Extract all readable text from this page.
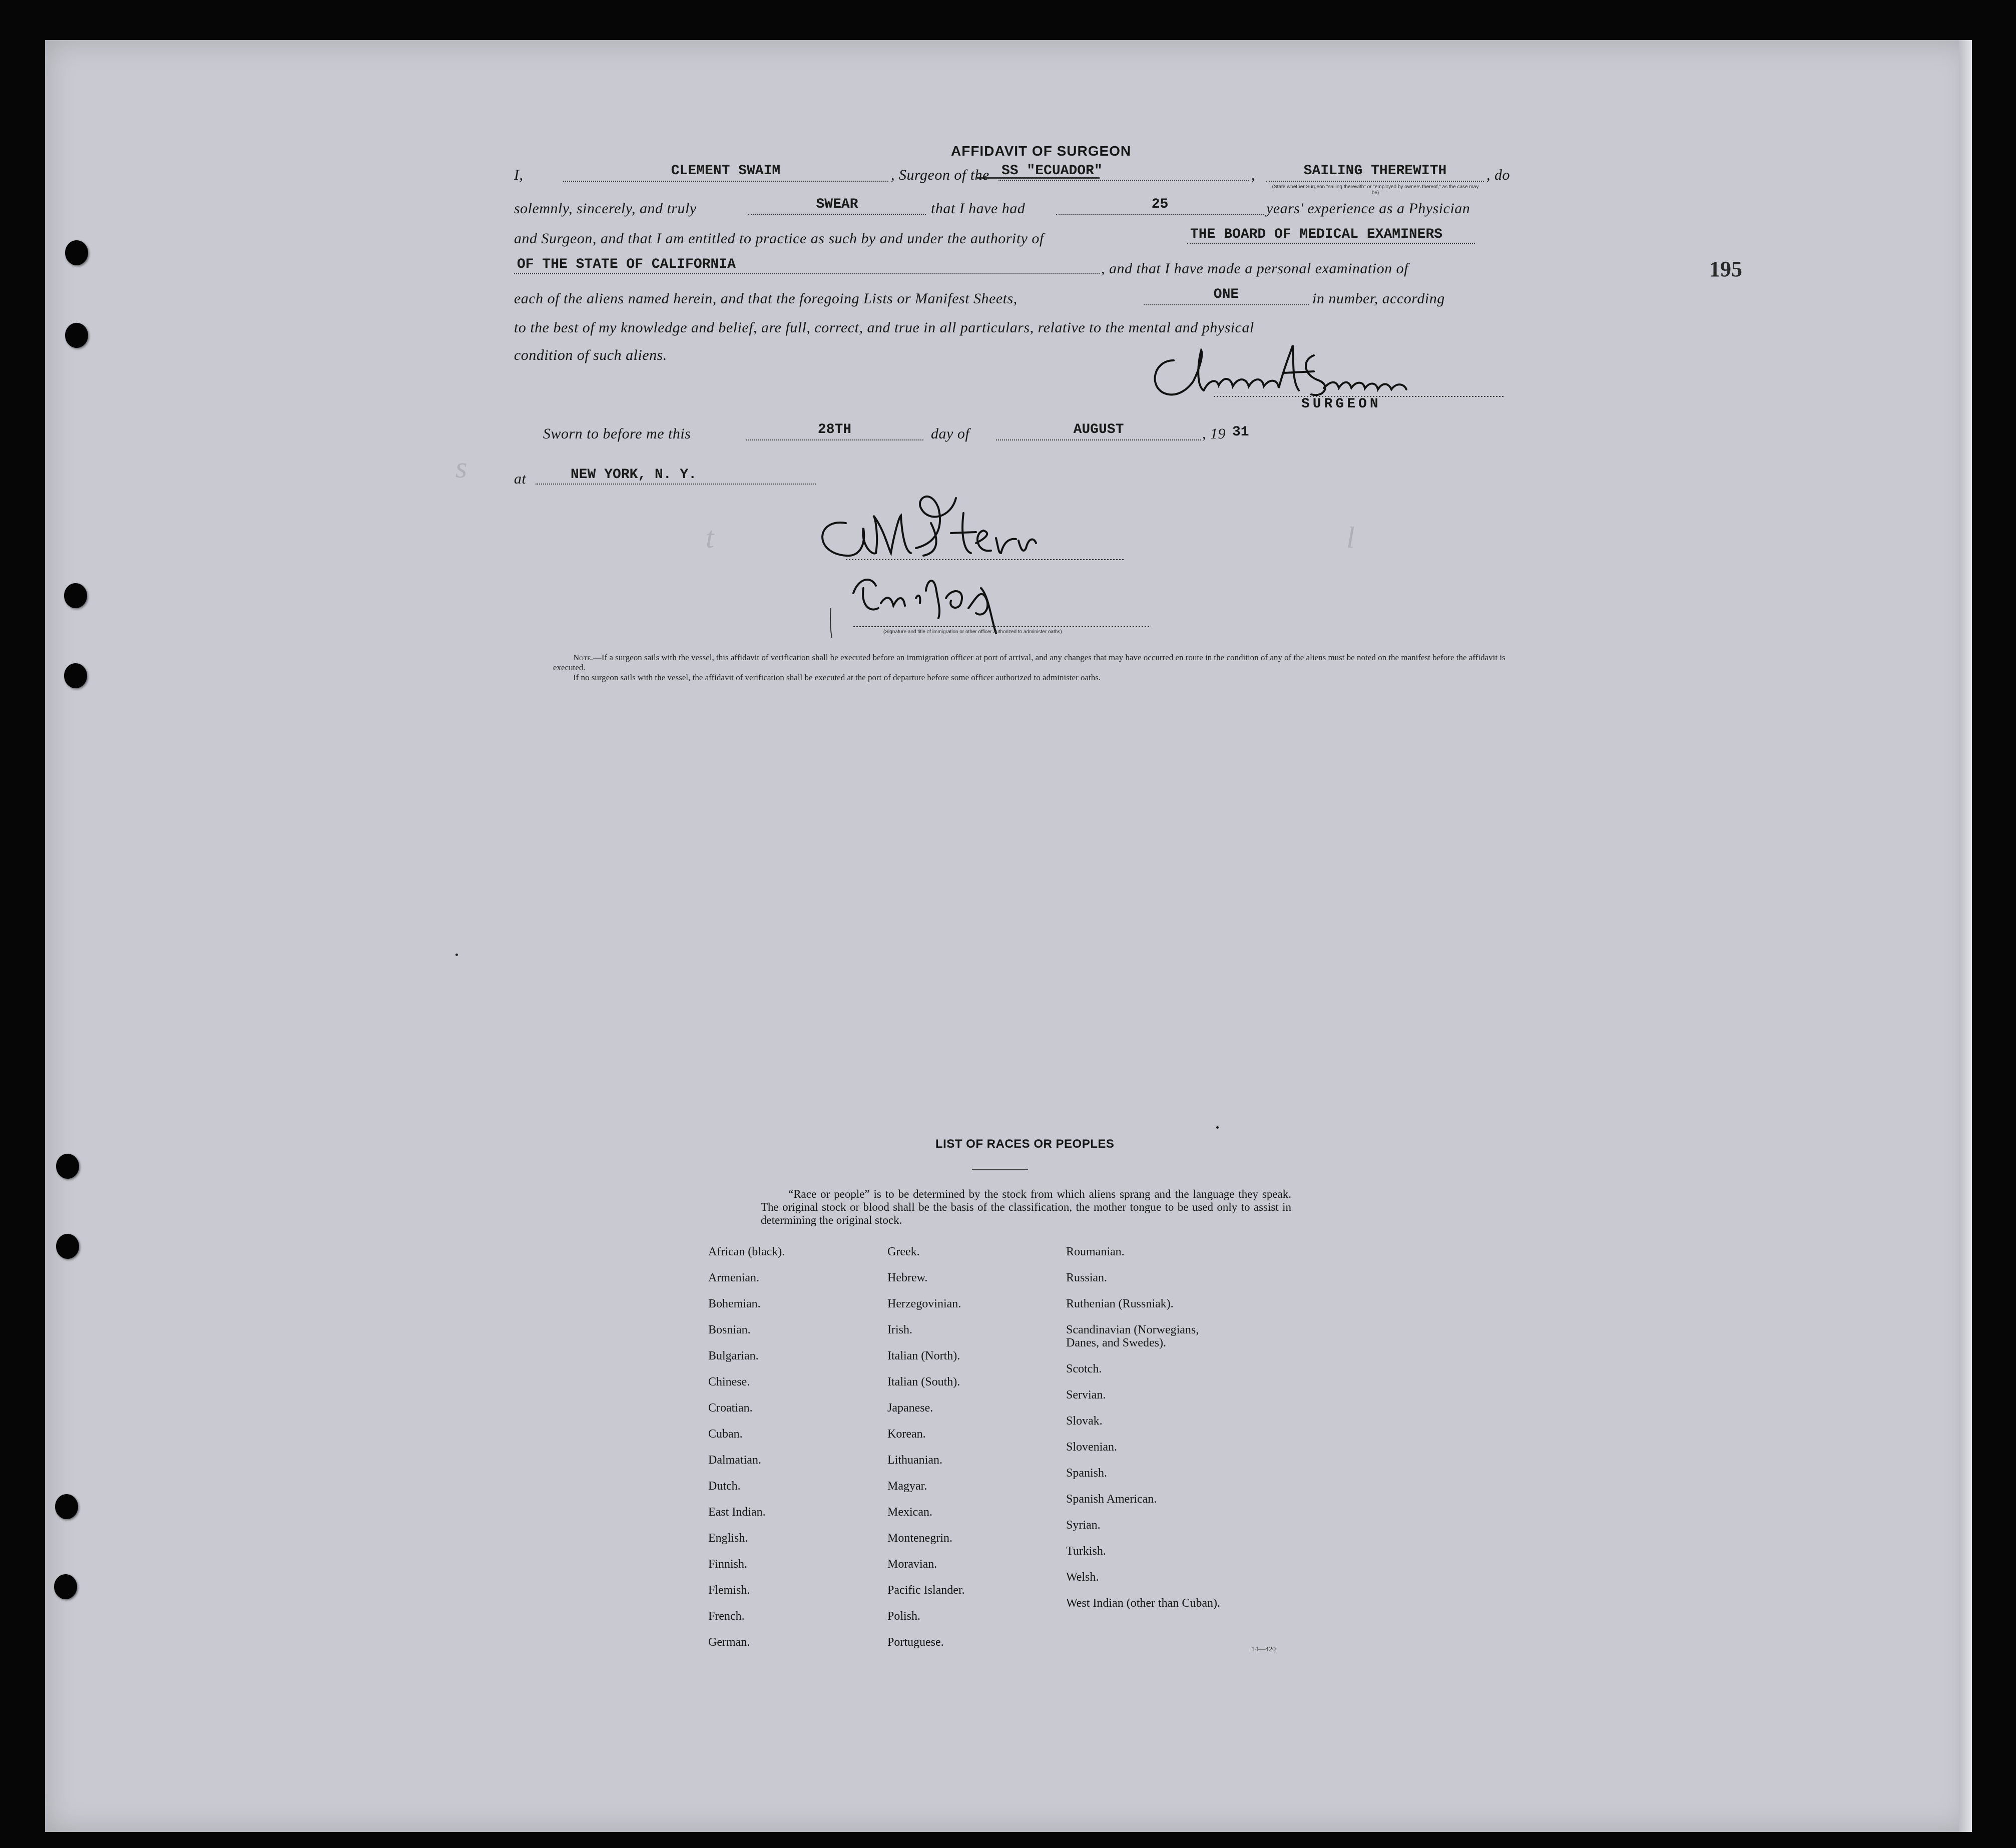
s
t	l
AFFIDAVIT OF SURGEON
195
I,	CLEMENT SWAIM	, Surgeon of the SS "ECUADOR"	,	SAILING THEREWITH	, do
(State whether Surgeon "sailing therewith" or "employed by owners thereof," as the case may be)
solemnly, sincerely, and truly	SWEAR	that I have had	25	years' experience as a Physician
and Surgeon, and that I am entitled to practice as such by and under the authority of	THE BOARD OF MEDICAL EXAMINERS
OF THE STATE OF CALIFORNIA	, and that I have made a personal examination of
each of the aliens named herein, and that the foregoing Lists or Manifest Sheets,	ONE	in number, according
to the best of my knowledge and belief, are full, correct, and true in all particulars, relative to the mental and physical
condition of such aliens.
SURGEON
Sworn to before me this	28TH	day of	AUGUST	, 19 31
at	NEW YORK, N. Y.
(Signature and title of immigration or other officer authorized to administer oaths)

Note.—If a surgeon sails with the vessel, this affidavit of verification shall be executed before an immigration officer at port of arrival, and any changes that may have occurred en route in the condition of any of the aliens must be noted on the manifest before the affidavit is executed.

If no surgeon sails with the vessel, the affidavit of verification shall be executed at the port of departure before some officer authorized to administer oaths.

LIST OF RACES OR PEOPLES

“Race or people” is to be determined by the stock from which aliens sprang and the language they speak. The original stock or blood shall be the basis of the classification, the mother tongue to be used only to assist in determining the original stock.

African (black).
Armenian.
Bohemian.
Bosnian.
Bulgarian.
Chinese.
Croatian.
Cuban.
Dalmatian.
Dutch.
East Indian.
English.
Finnish.
Flemish.
French.
German.
Greek.
Hebrew.
Herzegovinian.
Irish.
Italian (North).
Italian (South).
Japanese.
Korean.
Lithuanian.
Magyar.
Mexican.
Montenegrin.
Moravian.
Pacific Islander.
Polish.
Portuguese.
Roumanian.
Russian.
Ruthenian (Russniak).
Scandinavian (Norwegians, Danes, and Swedes).
Scotch.
Servian.
Slovak.
Slovenian.
Spanish.
Spanish American.
Syrian.
Turkish.
Welsh.
West Indian (other than Cuban).
14—420
